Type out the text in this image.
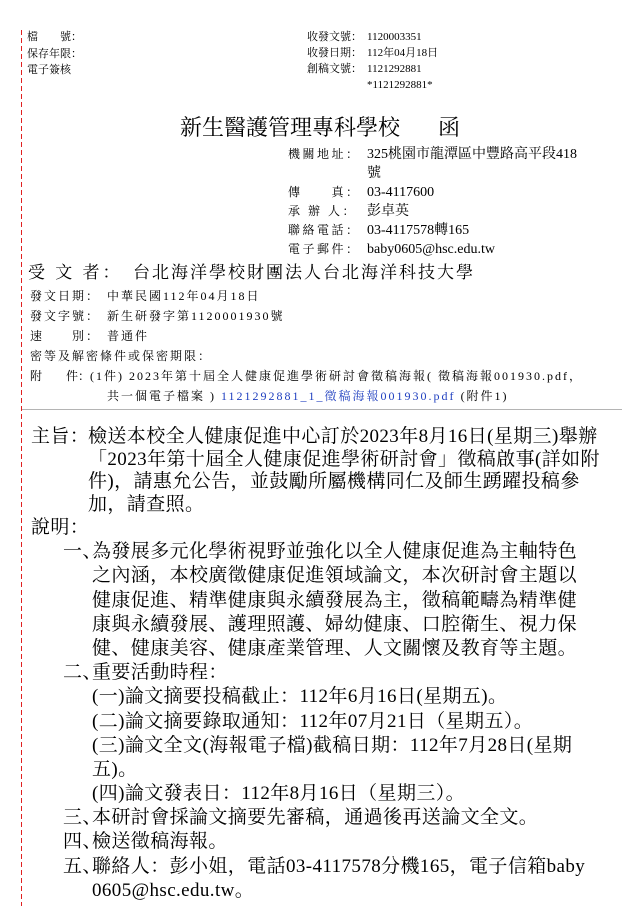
檔　　號：
保存年限：
電子簽核
收發文號： 1120003351
收發日期： 112年04月18日
創稿文號： 1121292881
*1121292881*
新生醫護管理專科學校 函
機關地址： 325桃園市龍潭區中豐路高平段418號
傳　　真： 03-4117600
承 辦 人： 彭卓英
聯絡電話： 03-4117578轉165
電子郵件： baby0605@hsc.edu.tw
受 文 者： 台北海洋學校財團法人台北海洋科技大學
發文日期： 中華民國112年04月18日
發文字號： 新生研發字第1120001930號
速　　別： 普通件
密等及解密條件或保密期限：
附　　件：(1件) 2023年第十屆全人健康促進學術研討會徵稿海報( 徵稿海報001930.pdf，共一個電子檔案 ) 1121292881_1_徵稿海報001930.pdf (附件1)
主旨：
檢送本校全人健康促進中心訂於2023年8月16日(星期三)舉辦
「2023年第十屆全人健康促進學術研討會」徵稿啟事(詳如附
件)，請惠允公告，並鼓勵所屬機構同仁及師生踴躍投稿參
加，請查照。
說明：
一、
為發展多元化學術視野並強化以全人健康促進為主軸特色
之內涵，本校廣徵健康促進領域論文，本次研討會主題以
健康促進、精準健康與永續發展為主，徵稿範疇為精準健
康與永續發展、護理照護、婦幼健康、口腔衛生、視力保
健、健康美容、健康產業管理、人文關懷及教育等主題。
二、
重要活動時程：
(一)論文摘要投稿截止：112年6月16日(星期五)。
(二)論文摘要錄取通知：112年07月21日（星期五）。
(三)論文全文(海報電子檔)截稿日期：112年7月28日(星期
五)。
(四)論文發表日：112年8月16日（星期三）。
三、
本研討會採論文摘要先審稿，通過後再送論文全文。
四、
檢送徵稿海報。
五、
聯絡人：彭小姐，電話03-4117578分機165，電子信箱baby
0605@hsc.edu.tw。
